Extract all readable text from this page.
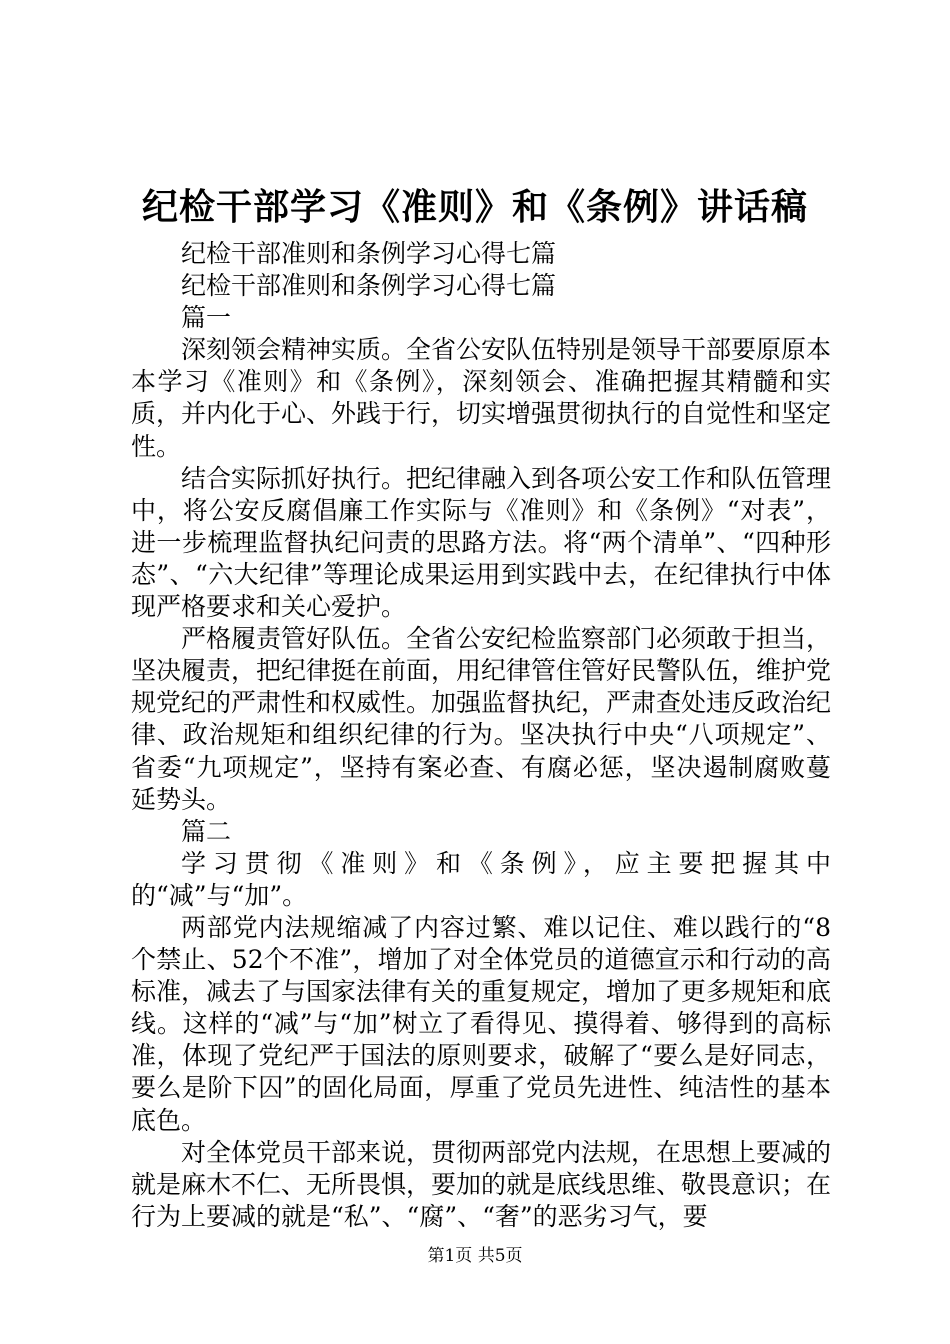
纪检干部学习《准则》和《条例》讲话稿

纪检干部准则和条例学习心得七篇

纪检干部准则和条例学习心得七篇

篇一

深刻领会精神实质。全省公安队伍特别是领导干部要原原本本学习《准则》和《条例》，深刻领会、准确把握其精髓和实质，并内化于心、外践于行，切实增强贯彻执行的自觉性和坚定性。

结合实际抓好执行。把纪律融入到各项公安工作和队伍管理中，将公安反腐倡廉工作实际与《准则》和《条例》“对表”，进一步梳理监督执纪问责的思路方法。将“两个清单”、“四种形态”、“六大纪律”等理论成果运用到实践中去，在纪律执行中体现严格要求和关心爱护。

严格履责管好队伍。全省公安纪检监察部门必须敢于担当，坚决履责，把纪律挺在前面，用纪律管住管好民警队伍，维护党规党纪的严肃性和权威性。加强监督执纪，严肃查处违反政治纪律、政治规矩和组织纪律的行为。坚决执行中央“八项规定”、省委“九项规定”，坚持有案必查、有腐必惩，坚决遏制腐败蔓延势头。

篇二

学习贯彻《准则》和《条例》，应主要把握其中的“减”与“加”。

两部党内法规缩减了内容过繁、难以记住、难以践行的“8个禁止、52个不准”，增加了对全体党员的道德宣示和行动的高标准，减去了与国家法律有关的重复规定，增加了更多规矩和底线。这样的“减”与“加”树立了看得见、摸得着、够得到的高标准，体现了党纪严于国法的原则要求，破解了“要么是好同志，要么是阶下囚”的固化局面，厚重了党员先进性、纯洁性的基本底色。

对全体党员干部来说，贯彻两部党内法规，在思想上要减的就是麻木不仁、无所畏惧，要加的就是底线思维、敬畏意识；在行为上要减的就是“私”、“腐”、“奢”的恶劣习气，要

第1页 共5页
